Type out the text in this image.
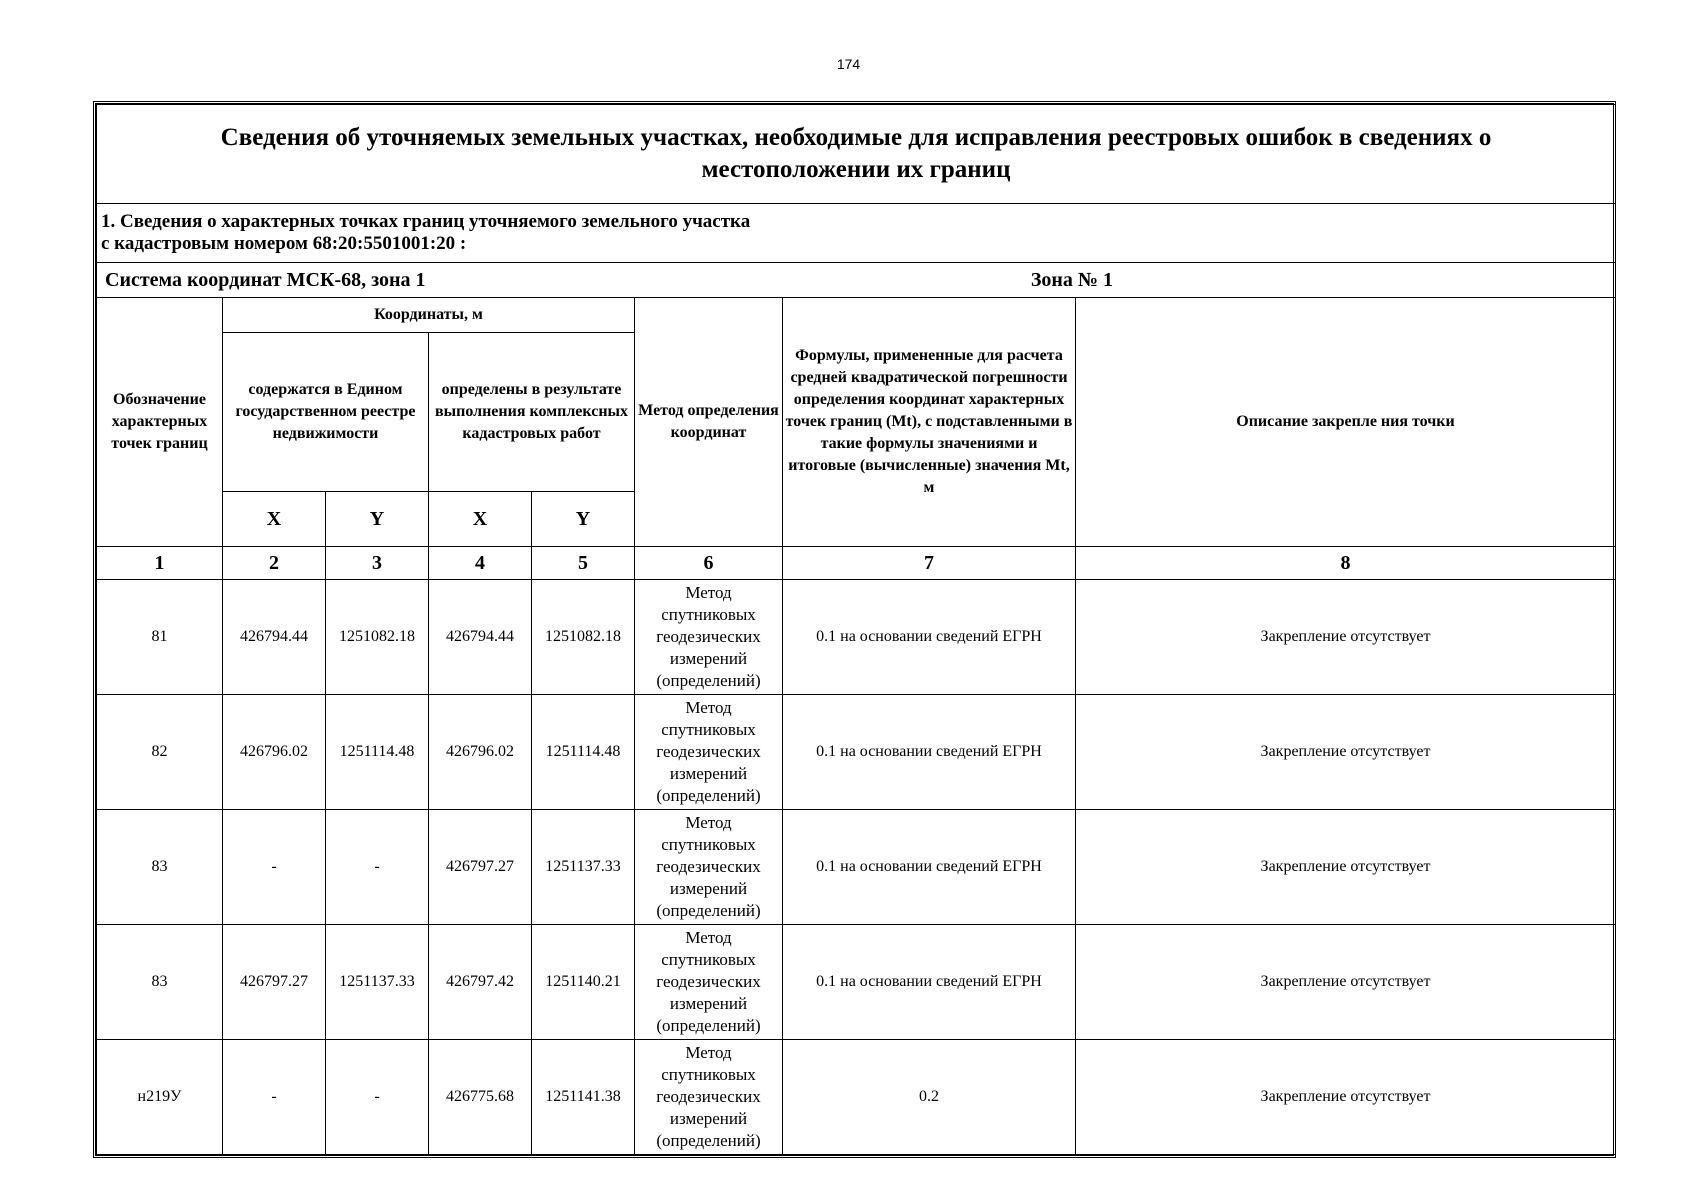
174
Сведения об уточняемых земельных участках, необходимые для исправления реестровых ошибок в сведениях о местоположении их границ							

1. Сведения о характерных точках границ уточняемого земельного участка
с кадастровым номером 68:20:5501001:20 :							

Система координат МСК-68, зона 1 Зона № 1							
Обозначение характерных точек границ	Координаты, м				Метод определения координат	Формулы, примененные для расчета средней квадратической погрешности определения координат характерных точек границ (Mt), с подставленными в такие формулы значениями и итоговые (вычисленные) значения Mt, м	Описание закрепле ния точки
	содержатся в Едином государственном реестре недвижимости		определены в результате выполнения комплексных кадастровых работ				
	X	Y	X	Y			
1	2	3	4	5	6	7	8
81	426794.44	1251082.18	426794.44	1251082.18	Метод спутниковых геодезических измерений (определений)	0.1 на основании сведений ЕГРН	Закрепление отсутствует
82	426796.02	1251114.48	426796.02	1251114.48	Метод спутниковых геодезических измерений (определений)	0.1 на основании сведений ЕГРН	Закрепление отсутствует
83	-	-	426797.27	1251137.33	Метод спутниковых геодезических измерений (определений)	0.1 на основании сведений ЕГРН	Закрепление отсутствует
83	426797.27	1251137.33	426797.42	1251140.21	Метод спутниковых геодезических измерений (определений)	0.1 на основании сведений ЕГРН	Закрепление отсутствует
н219У	-	-	426775.68	1251141.38	Метод спутниковых геодезических измерений (определений)	0.2	Закрепление отсутствует
